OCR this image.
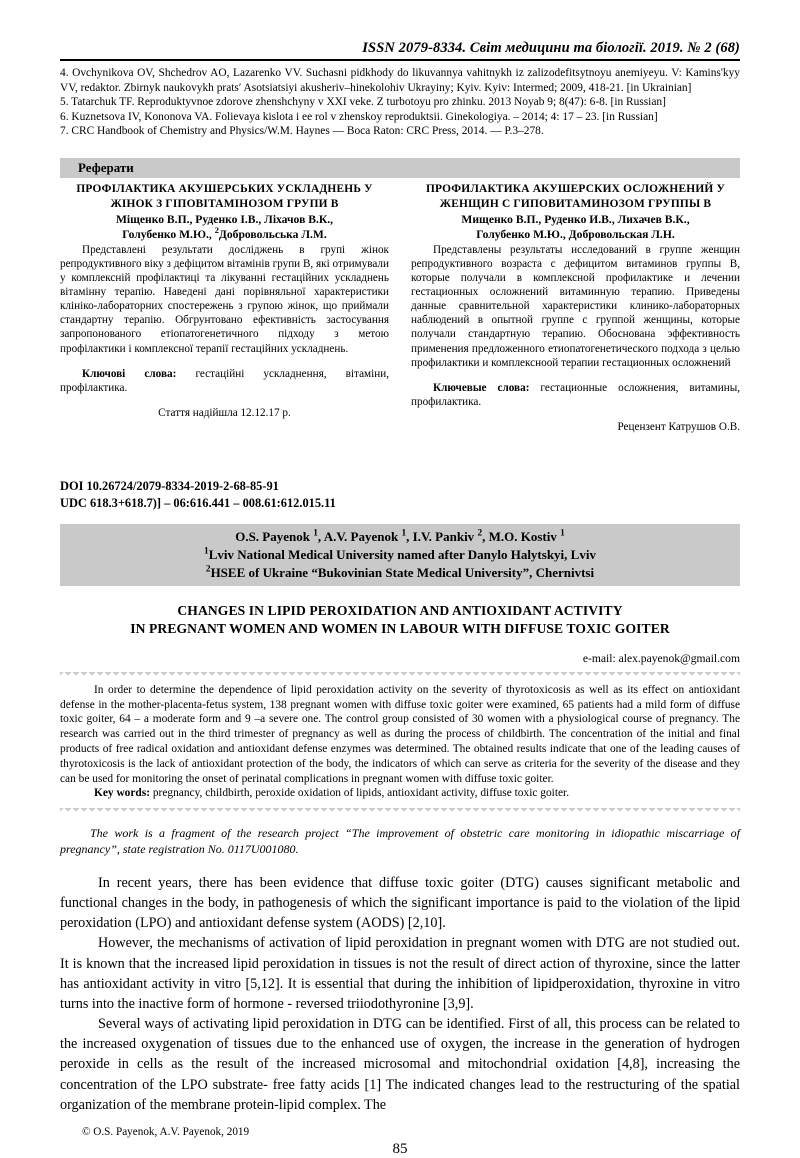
ISSN 2079-8334. Світ медицини та біології. 2019. № 2 (68)

4. Ovchynikova OV, Shchedrov AO, Lazarenko VV. Suchasni pidkhody do likuvannya vahitnykh iz zalizodefitsytnoyu anemiyeyu. V: Kamins'kyy VV, redaktor. Zbirnyk naukovykh prats′ Asotsiatsiyi akusheriv–hinekolohiv Ukrayiny; Kyiv. Kyiv: Intermed; 2009, 418-21. [in Ukrainian]

5. Tatarchuk TF. Reproduktyvnoe zdorove zhenshchyny v XXI veke. Z turbotoyu pro zhinku. 2013 Noyab 9; 8(47): 6-8. [in Russian]

6. Kuznetsova IV, Kononova VA. Folievaya kislota i ee rol v zhenskoy reproduktsii. Ginekologiya. – 2014; 4: 17 – 23. [in Russian]

7. CRC Handbook of Chemistry and Physics/W.M. Haynes — Boca Raton: CRC Press, 2014. — P.3–278.

Реферати
ПРОФІЛАКТИКА АКУШЕРСЬКИХ УСКЛАДНЕНЬ У ЖІНОК З ГІПОВІТАМІНОЗОМ ГРУПИ В
Міщенко В.П., Руденко І.В., Ліхачов В.К.,
Голубенко М.Ю., $^2$Добровольська Л.М.

Представлені результати досліджень в групі жінок репродуктивного віку з дефіцитом вітамінів групи В, які отримували у комплексній профілактиці та лікуванні гестаційних ускладнень вітамінну терапію. Наведені дані порівняльної характеристики клініко-лабораторних спостережень з групою жінок, що приймали стандартну терапію. Обгрунтовано ефективність застосування запропонованого етіопатогенетичного підходу з метою профілактики і комплексної терапії гестаційних ускладнень.

Ключові слова: гестаційні ускладнення, вітаміни, профілактика.

Стаття надійшла 12.12.17 р.
ПРОФИЛАКТИКА АКУШЕРСКИХ ОСЛОЖНЕНИЙ У ЖЕНЩИН С ГИПОВИТАМИНОЗОМ ГРУППЫ В
Мищенко В.П., Руденко И.В., Лихачев В.К.,
Голубенко М.Ю., Добровольская Л.Н.

Представлены результаты исследований в группе женщин репродуктивного возраста с дефицитом витаминов группы В, которые получали в комплексной профилактике и лечении гестационных осложнений витаминную терапию. Приведены данные сравнительной характеристики клинико-лабораторных наблюдений в опытной группе с группой женщины, которые получали стандартную терапию. Обоснована эффективность применения предложенного етиопатогенетического подхода з целью профилактики и комплексноой терапии гестационных осложнений

Ключевые слова: гестационные осложнения, витамины, профилактика.

Рецензент Катрушов О.В.
DOI 10.26724/2079-8334-2019-2-68-85-91
UDC 618.3+618.7)] – 06:616.441 – 008.61:612.015.11
O.S. Payenok $^1$, A.V. Payenok $^1$, I.V. Pankiv $^2$, M.O. Kostiv $^1$
$^1$Lviv National Medical University named after Danylo Halytskyi, Lviv
$^2$HSEE of Ukraine “Bukovinian State Medical University”, Chernivtsi
CHANGES IN LIPID PEROXIDATION AND ANTIOXIDANT ACTIVITY
IN PREGNANT WOMEN AND WOMEN IN LABOUR WITH DIFFUSE TOXIC GOITER
e-mail: alex.payenok@gmail.com

In order to determine the dependence of lipid peroxidation activity on the severity of thyrotoxicosis as well as its effect on antioxidant defense in the mother-placenta-fetus system, 138 pregnant women with diffuse toxic goiter were examined, 65 patients had a mild form of diffuse toxic goiter, 64 – a moderate form and 9 –a severe one. The control group consisted of 30 women with a physiological course of pregnancy. The research was carried out in the third trimester of pregnancy as well as during the process of childbirth. The concentration of the initial and final products of free radical oxidation and antioxidant defense enzymes was determined. The obtained results indicate that one of the leading causes of thyrotoxicosis is the lack of antioxidant protection of the body, the indicators of which can serve as criteria for the severity of the disease and they can be used for monitoring the onset of perinatal complications in pregnant women with diffuse toxic goiter.

Key words: pregnancy, childbirth, peroxide oxidation of lipids, antioxidant activity, diffuse toxic goiter.

The work is a fragment of the research project “The improvement of obstetric care monitoring in idiopathic miscarriage of pregnancy”, state registration No. 0117U001080.

In recent years, there has been evidence that diffuse toxic goiter (DTG) causes significant metabolic and functional changes in the body, in pathogenesis of which the significant importance is paid to the violation of the lipid peroxidation (LPO) and antioxidant defense system (AODS) [2,10].

However, the mechanisms of activation of lipid peroxidation in pregnant women with DTG are not studied out. It is known that the increased lipid peroxidation in tissues is not the result of direct action of thyroxine, since the latter has antioxidant activity in vitro [5,12]. It is essential that during the inhibition of lipidperoxidation, thyroxine in vitro turns into the inactive form of hormone - reversed triiodothyronine [3,9].

Several ways of activating lipid peroxidation in DTG can be identified. First of all, this process can be related to the increased oxygenation of tissues due to the enhanced use of oxygen, the increase in the generation of hydrogen peroxide in cells as the result of the increased microsomal and mitochondrial oxidation [4,8], increasing the concentration of the LPO substrate- free fatty acids [1] The indicated changes lead to the restructuring of the spatial organization of the membrane protein-lipid complex. The

© O.S. Payenok, A.V. Payenok, 2019
85
